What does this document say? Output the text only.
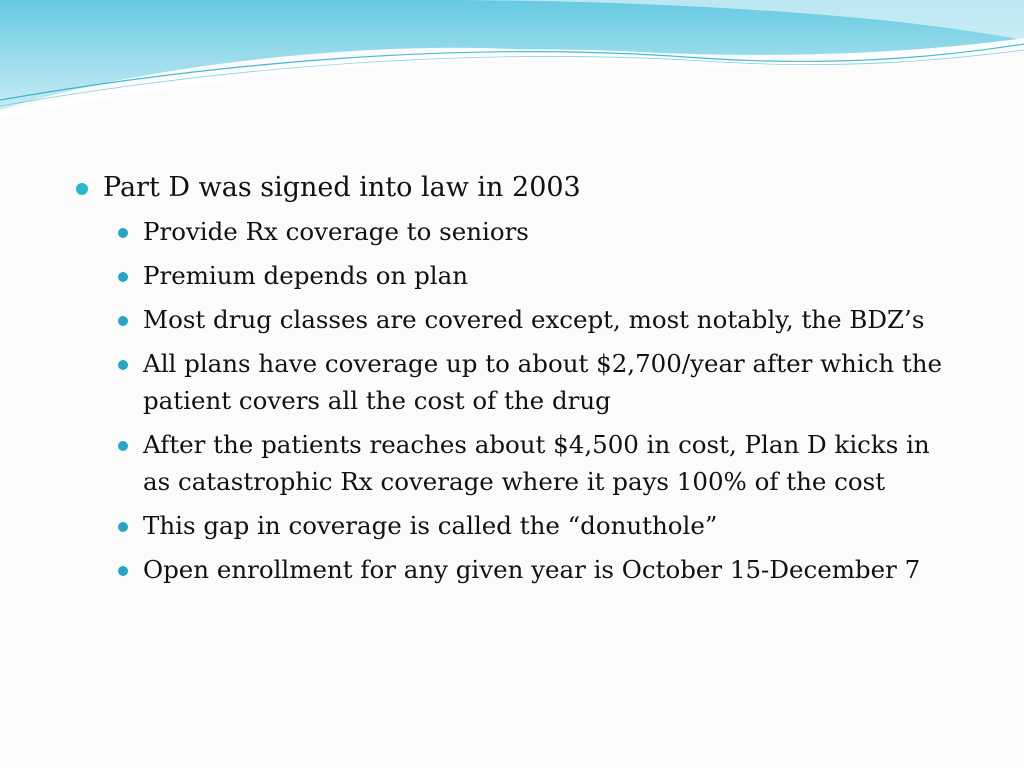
Part D was signed into law in 2003
Provide Rx coverage to seniors
Premium depends on plan
Most drug classes are covered except, most notably, the BDZ’s
All plans have coverage up to about $2,700/year after which the patient covers all the cost of the drug
After the patients reaches about $4,500 in cost, Plan D kicks in as catastrophic Rx coverage where it pays 100% of the cost
This gap in coverage is called the “donuthole”
Open enrollment for any given year is October 15-December 7
